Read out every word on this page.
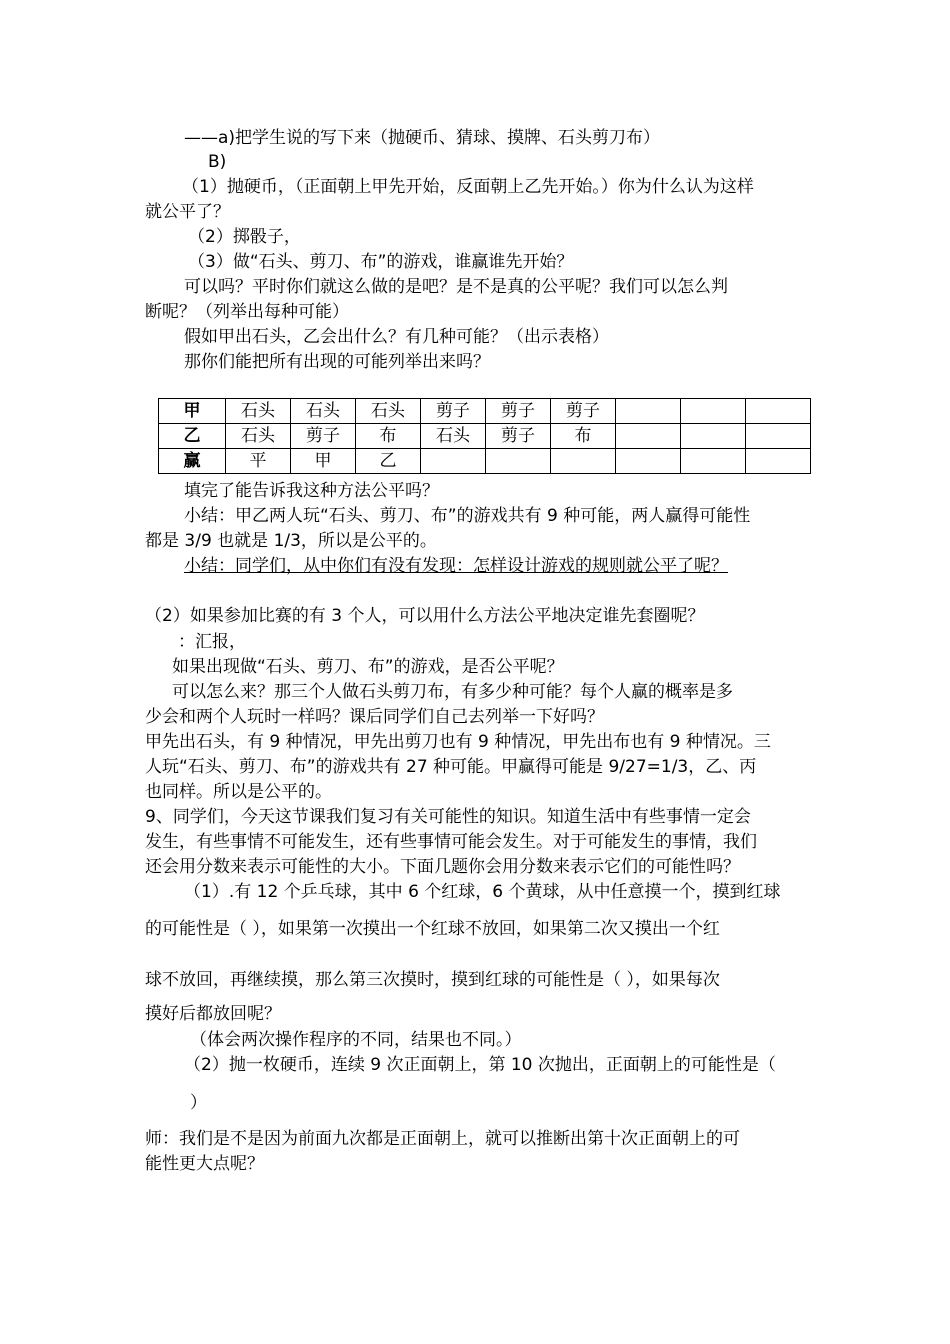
——a)把学生说的写下来（抛硬币、猜球、摸牌、石头剪刀布）
B)
（1）抛硬币，（正面朝上甲先开始，反面朝上乙先开始。）你为什么认为这样
就公平了？
（2）掷骰子，
（3）做“石头、剪刀、布”的游戏，谁赢谁先开始？
可以吗？平时你们就这么做的是吧？是不是真的公平呢？我们可以怎么判
断呢？（列举出每种可能）
假如甲出石头，乙会出什么？有几种可能？（出示表格）
那你们能把所有出现的可能列举出来吗？
甲	石头	石头	石头	剪子	剪子	剪子			
乙	石头	剪子	布	石头	剪子	布			
赢	平	甲	乙						
填完了能告诉我这种方法公平吗？
小结：甲乙两人玩“石头、剪刀、布”的游戏共有 9 种可能，两人赢得可能性
都是 3/9 也就是 1/3，所以是公平的。
小结：同学们，从中你们有没有发现：怎样设计游戏的规则就公平了呢？
（2）如果参加比赛的有 3 个人，可以用什么方法公平地决定谁先套圈呢？
：汇报，
如果出现做“石头、剪刀、布”的游戏，是否公平呢？
可以怎么来？那三个人做石头剪刀布，有多少种可能？每个人赢的概率是多
少会和两个人玩时一样吗？课后同学们自己去列举一下好吗？
甲先出石头，有 9 种情况，甲先出剪刀也有 9 种情况，甲先出布也有 9 种情况。三
人玩“石头、剪刀、布”的游戏共有 27 种可能。甲赢得可能是 9/27=1/3，乙、丙
也同样。所以是公平的。
9、同学们，今天这节课我们复习有关可能性的知识。知道生活中有些事情一定会
发生，有些事情不可能发生，还有些事情可能会发生。对于可能发生的事情，我们
还会用分数来表示可能性的大小。下面几题你会用分数来表示它们的可能性吗？
（1）.有 12 个乒乓球，其中 6 个红球，6 个黄球，从中任意摸一个，摸到红球
的可能性是（ ），如果第一次摸出一个红球不放回，如果第二次又摸出一个红
球不放回，再继续摸，那么第三次摸时，摸到红球的可能性是（ ），如果每次
摸好后都放回呢？
（体会两次操作程序的不同，结果也不同。）
（2）抛一枚硬币，连续 9 次正面朝上，第 10 次抛出，正面朝上的可能性是（
）
师：我们是不是因为前面九次都是正面朝上，就可以推断出第十次正面朝上的可
能性更大点呢？
